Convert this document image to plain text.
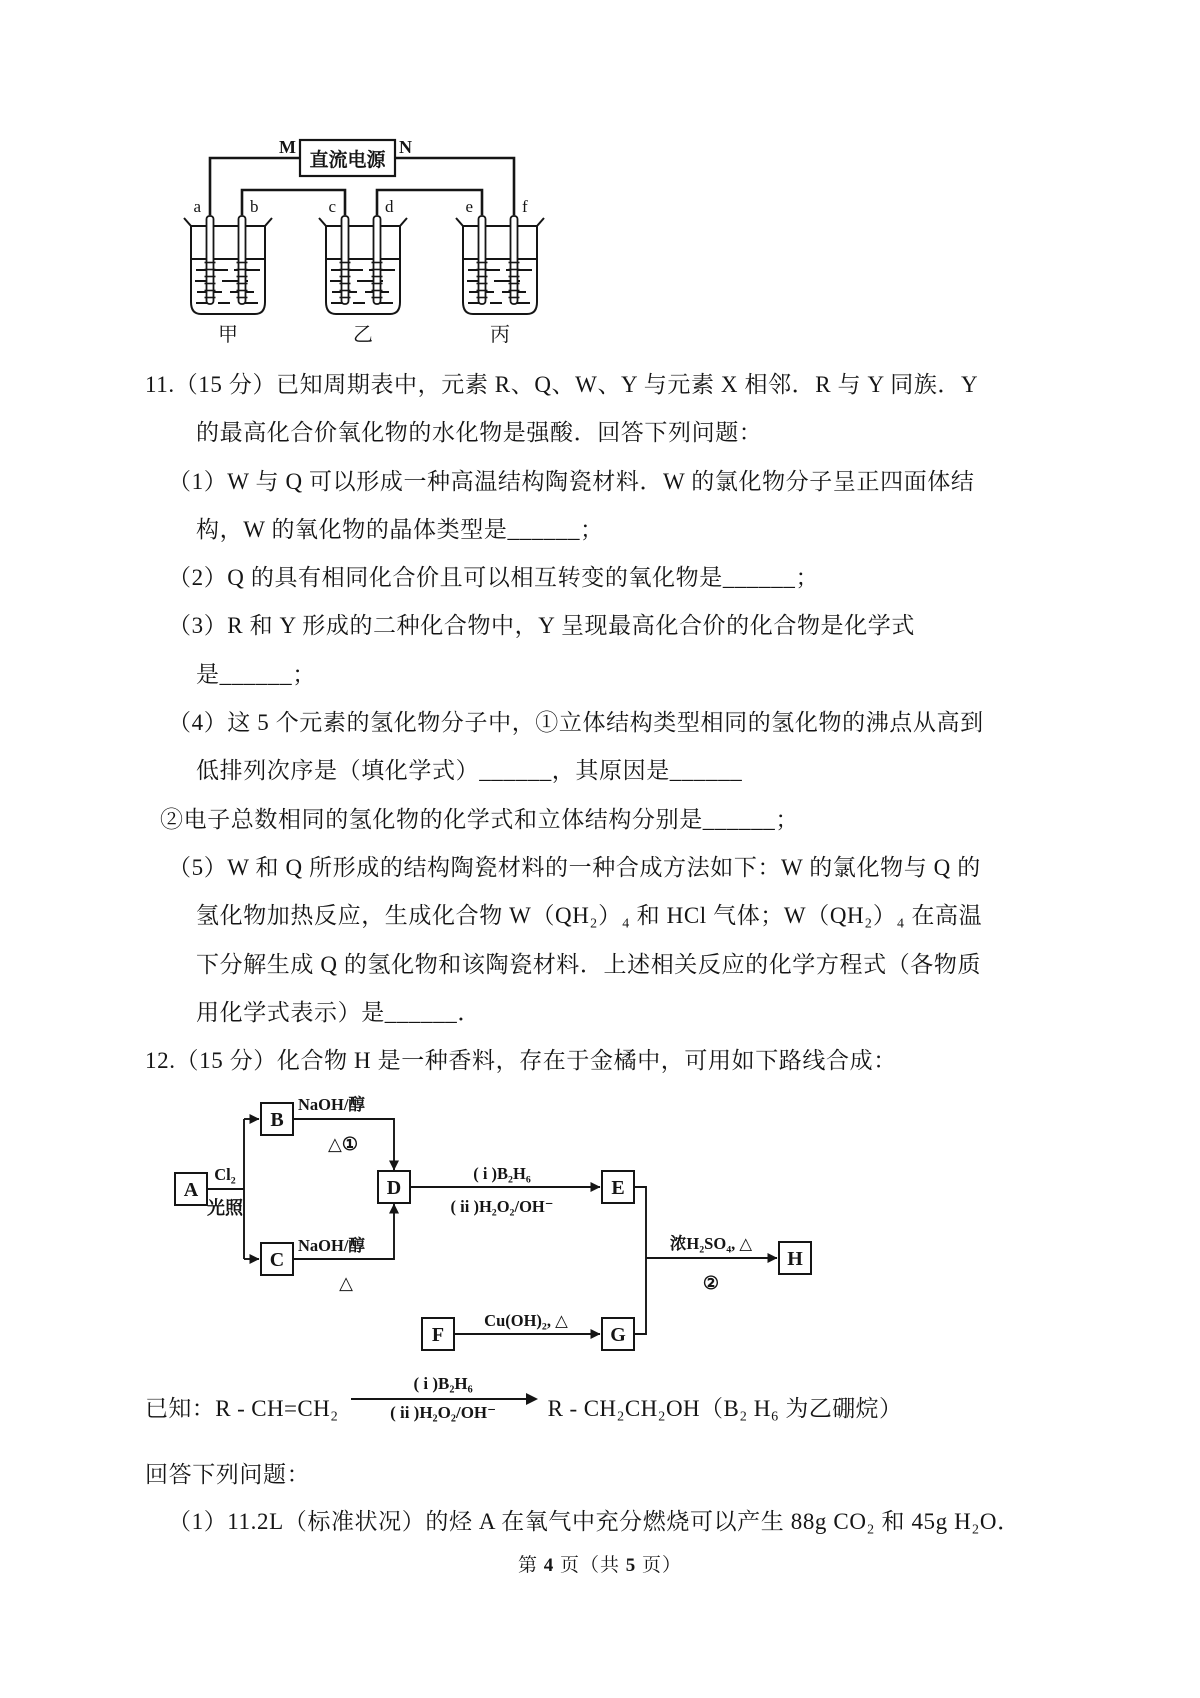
直流电源
M	N
a	b	c	d	e	f
甲	乙	丙
11.（15 分）已知周期表中，元素 R、Q、W、Y 与元素 X 相邻．R 与 Y 同族．Y
的最高化合价氧化物的水化物是强酸．回答下列问题：
（1）W 与 Q 可以形成一种高温结构陶瓷材料．W 的氯化物分子呈正四面体结
构，W 的氧化物的晶体类型是______；
（2）Q 的具有相同化合价且可以相互转变的氧化物是______；
（3）R 和 Y 形成的二种化合物中，Y 呈现最高化合价的化合物是化学式
是______；
（4）这 5 个元素的氢化物分子中，①立体结构类型相同的氢化物的沸点从高到
低排列次序是（填化学式）______，其原因是______
②电子总数相同的氢化物的化学式和立体结构分别是______；
（5）W 和 Q 所形成的结构陶瓷材料的一种合成方法如下：W 的氯化物与 Q 的
氢化物加热反应，生成化合物 W（QH₂）₄ 和 HCl 气体；W（QH₂）₄ 在高温
下分解生成 Q 的氢化物和该陶瓷材料．上述相关反应的化学方程式（各物质
用化学式表示）是______．
12.（15 分）化合物 H 是一种香料，存在于金橘中，可用如下路线合成：
A
B
C
D	E
F	G
H
Cl₂
光照
NaOH/醇
△①
NaOH/醇
△
( i )B₂H₆
( ii )H₂O₂/OH⁻
浓H₂SO₄, △
②
Cu(OH)₂, △
已知：R - CH=CH₂
( i )B₂H₆
( ii )H₂O₂/OH⁻ R - CH₂CH₂OH（B₂ H₆ 为乙硼烷）
回答下列问题：
（1）11.2L（标准状况）的烃 A 在氧气中充分燃烧可以产生 88g CO₂ 和 45g H₂O．
第 4 页（共 5 页）
